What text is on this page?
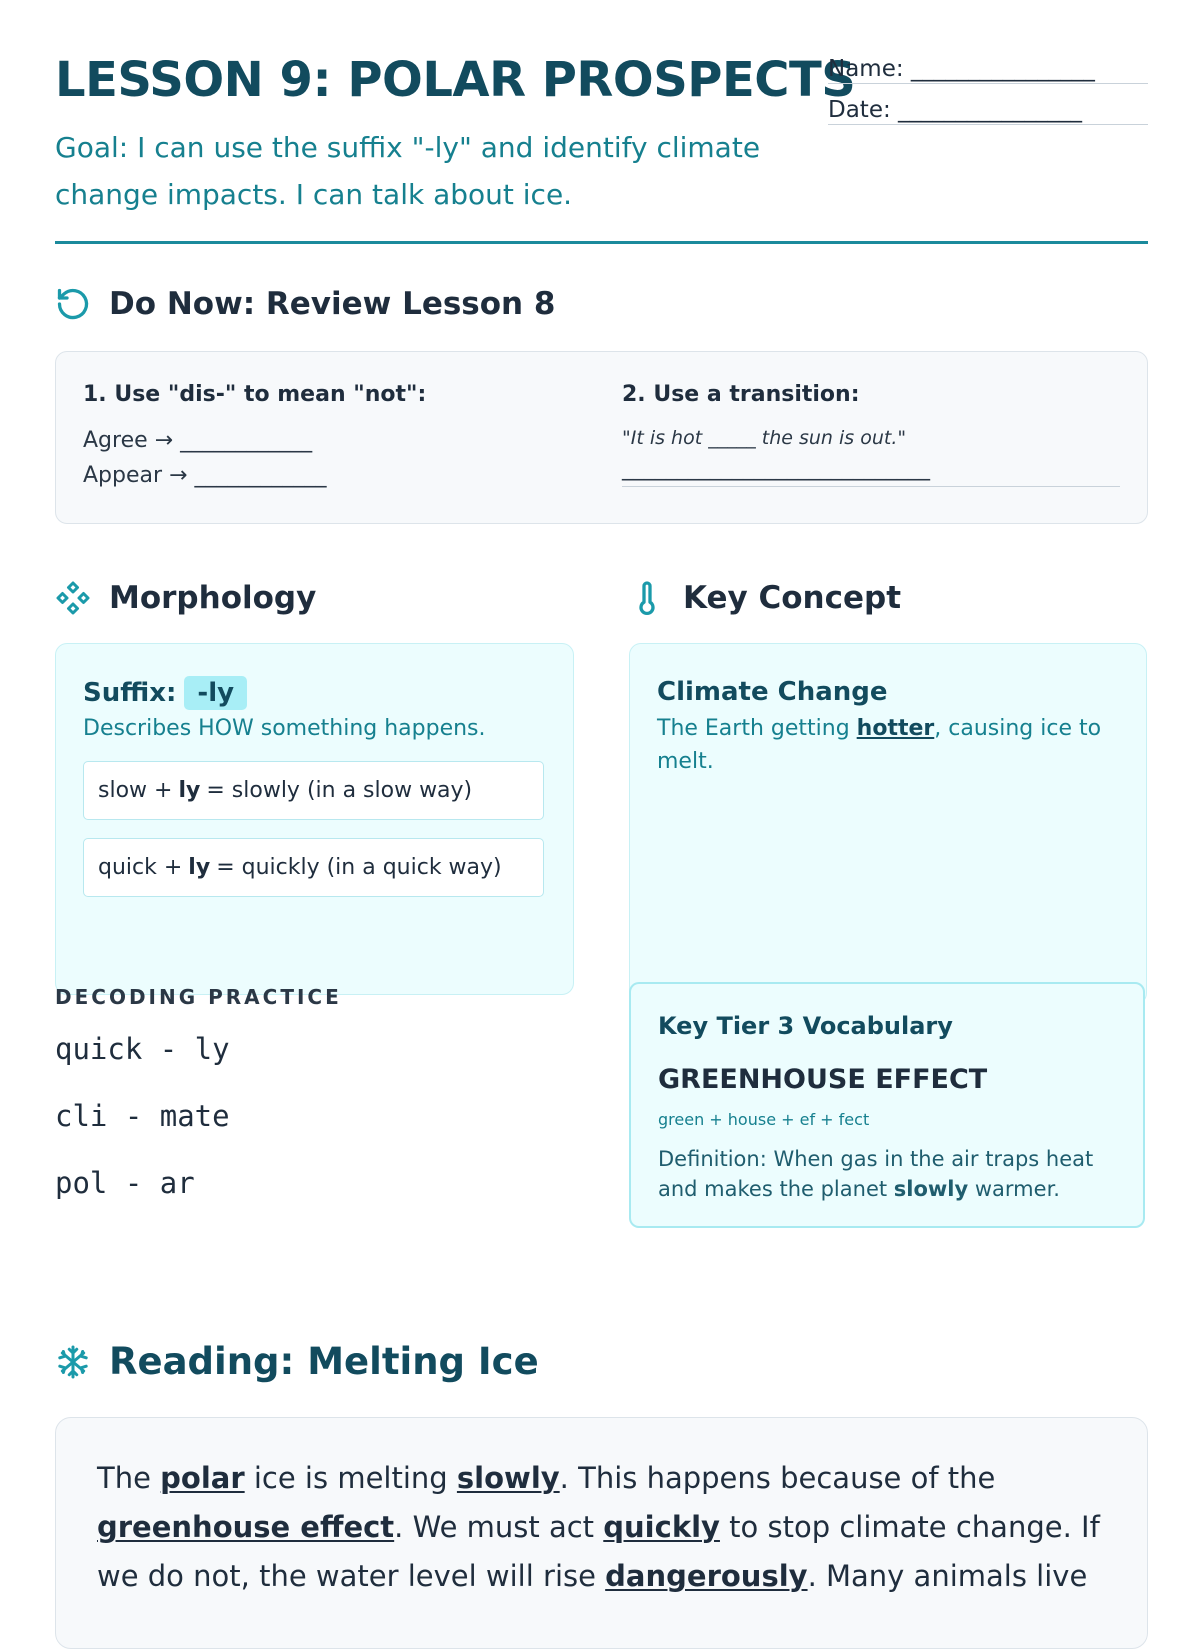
LESSON 9: POLAR PROSPECTS
Goal: I can use the suffix "-ly" and identify climate change impacts. I can talk about ice.
Name: ________________
Date: ________________
Do Now: Review Lesson 8
1. Use "dis-" to mean "not":
Agree → ____________
Appear → ____________
2. Use a transition:
"It is hot _____ the sun is out."
____________________________
Morphology
Suffix: -ly
Describes HOW something happens.
slow + ly = slowly (in a slow way)
quick + ly = quickly (in a quick way)
DECODING PRACTICE
quick - ly
cli - mate
pol - ar
Key Concept
Climate Change
The Earth getting hotter, causing ice to melt.
Key Tier 3 Vocabulary
GREENHOUSE EFFECT
green + house + ef + fect
Definition: When gas in the air traps heat and makes the planet slowly warmer.
Reading: Melting Ice
The polar ice is melting slowly. This happens because of the greenhouse effect. We must act quickly to stop climate change. If we do not, the water level will rise dangerously. Many animals live
